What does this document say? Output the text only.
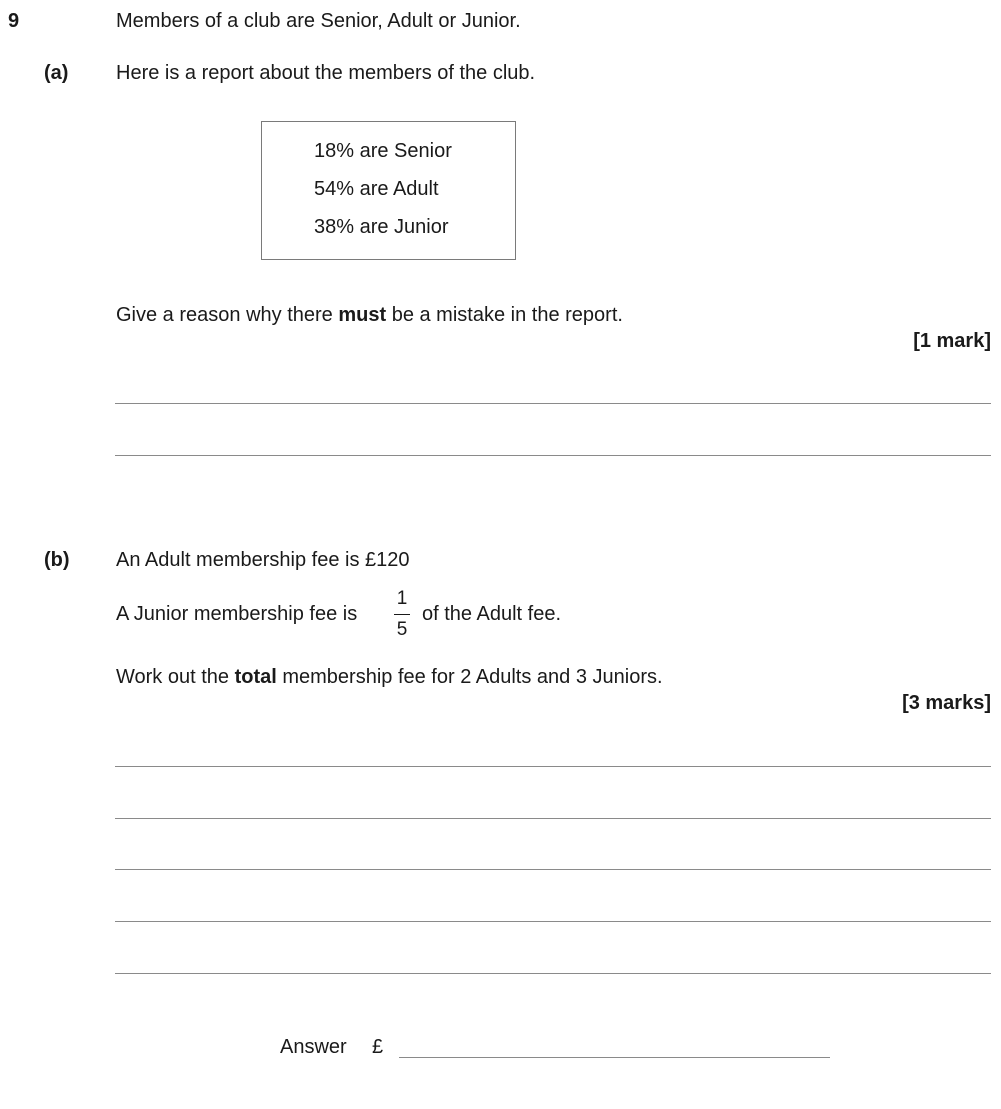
9	Members of a club are Senior, Adult or Junior.
(a) Here is a report about the members of the club.
18% are Senior
54% are Adult
38% are Junior
Give a reason why there must be a mistake in the report.
[1 mark]
(b) An Adult membership fee is £120
A Junior membership fee is
1
5
of the Adult fee.
Work out the total membership fee for 2 Adults and 3 Juniors.
[3 marks]
Answer £
